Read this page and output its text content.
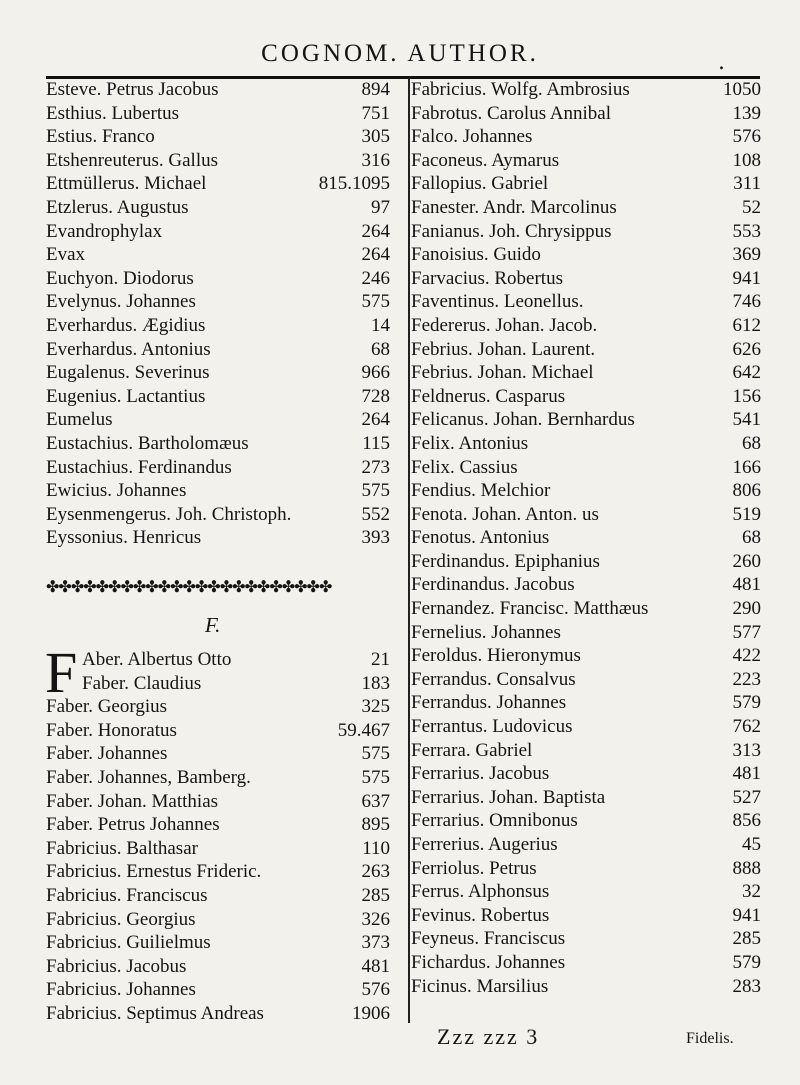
COGNOM. AUTHOR.	.
Esteve. Petrus Jacobus	894
Esthius. Lubertus	751
Estius. Franco	305
Etshenreuterus. Gallus	316
Ettmüllerus. Michael	815.1095
Etzlerus. Augustus	97
Evandrophylax	264
Evax	264
Euchyon. Diodorus	246
Evelynus. Johannes	575
Everhardus. Ægidius	14
Everhardus. Antonius	68
Eugalenus. Severinus	966
Eugenius. Lactantius	728
Eumelus	264
Eustachius. Bartholomæus	115
Eustachius. Ferdinandus	273
Ewicius. Johannes	575
Eysenmengerus. Joh. Christoph.	552
Eyssonius. Henricus	393
✤✤✤✤✤✤✤✤✤✤✤✤✤✤✤✤✤✤✤✤✤✤✤
F.
F Aber. Albertus Otto	21
Faber. Claudius	183
Faber. Georgius	325
Faber. Honoratus	59.467
Faber. Johannes	575
Faber. Johannes, Bamberg.	575
Faber. Johan. Matthias	637
Faber. Petrus Johannes	895
Fabricius. Balthasar	110
Fabricius. Ernestus Frideric.	263
Fabricius. Franciscus	285
Fabricius. Georgius	326
Fabricius. Guilielmus	373
Fabricius. Jacobus	481
Fabricius. Johannes	576
Fabricius. Septimus Andreas	1906
Fabricius. Wolfg. Ambrosius	1050
Fabrotus. Carolus Annibal	139
Falco. Johannes	576
Faconeus. Aymarus	108
Fallopius. Gabriel	311
Fanester. Andr. Marcolinus	52
Fanianus. Joh. Chrysippus	553
Fanoisius. Guido	369
Farvacius. Robertus	941
Faventinus. Leonellus.	746
Federerus. Johan. Jacob.	612
Febrius. Johan. Laurent.	626
Febrius. Johan. Michael	642
Feldnerus. Casparus	156
Felicanus. Johan. Bernhardus	541
Felix. Antonius	68
Felix. Cassius	166
Fendius. Melchior	806
Fenota. Johan. Anton. us	519
Fenotus. Antonius	68
Ferdinandus. Epiphanius	260
Ferdinandus. Jacobus	481
Fernandez. Francisc. Matthæus	290
Fernelius. Johannes	577
Feroldus. Hieronymus	422
Ferrandus. Consalvus	223
Ferrandus. Johannes	579
Ferrantus. Ludovicus	762
Ferrara. Gabriel	313
Ferrarius. Jacobus	481
Ferrarius. Johan. Baptista	527
Ferrarius. Omnibonus	856
Ferrerius. Augerius	45
Ferriolus. Petrus	888
Ferrus. Alphonsus	32
Fevinus. Robertus	941
Feyneus. Franciscus	285
Fichardus. Johannes	579
Ficinus. Marsilius	283
Zzz zzz 3	Fidelis.
